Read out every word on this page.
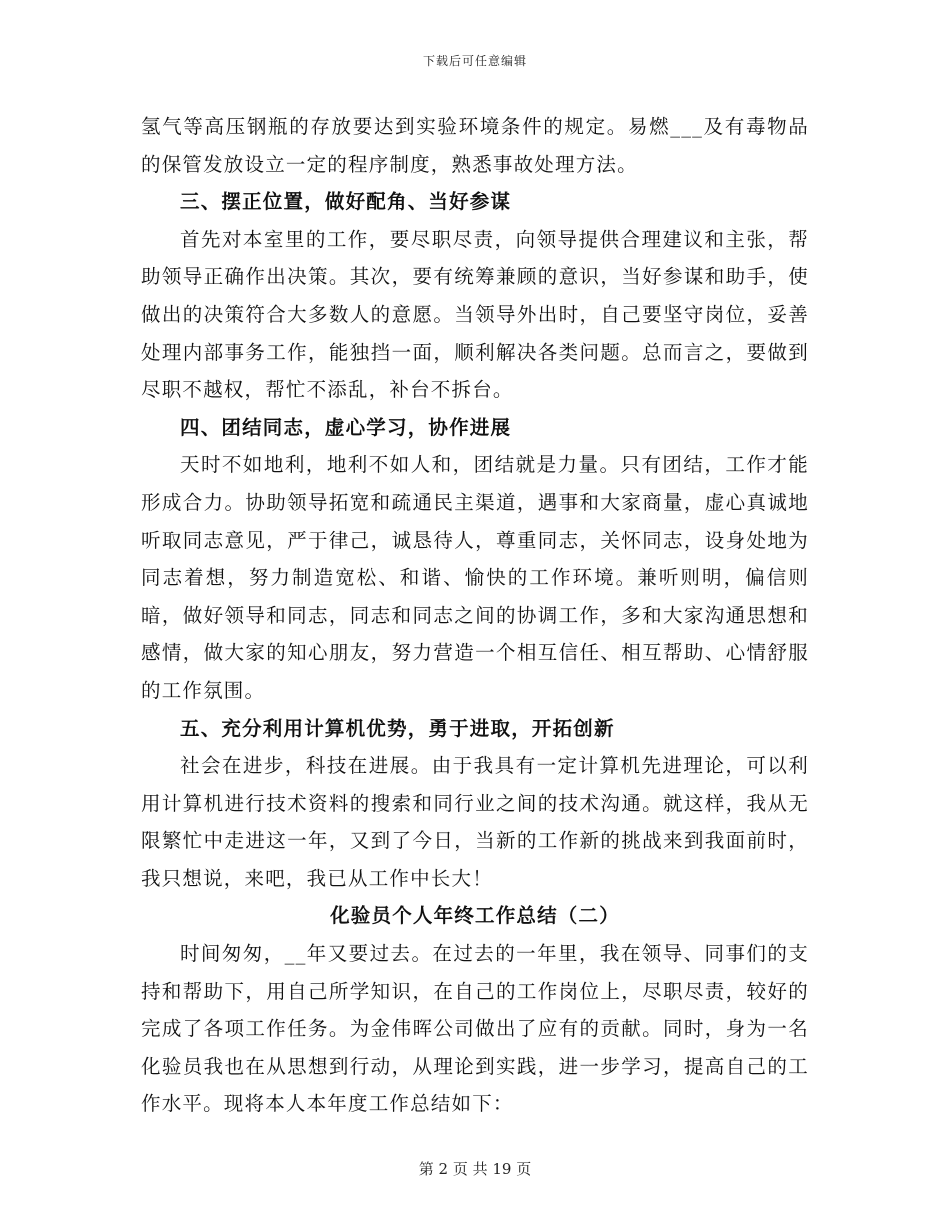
下载后可任意编辑

氢气等高压钢瓶的存放要达到实验环境条件的规定。易燃___及有毒物品的保管发放设立一定的程序制度，熟悉事故处理方法。

三、摆正位置，做好配角、当好参谋

首先对本室里的工作，要尽职尽责，向领导提供合理建议和主张，帮助领导正确作出决策。其次，要有统筹兼顾的意识，当好参谋和助手，使做出的决策符合大多数人的意愿。当领导外出时，自己要坚守岗位，妥善处理内部事务工作，能独挡一面，顺利解决各类问题。总而言之，要做到尽职不越权，帮忙不添乱，补台不拆台。

四、团结同志，虚心学习，协作进展

天时不如地利，地利不如人和，团结就是力量。只有团结，工作才能形成合力。协助领导拓宽和疏通民主渠道，遇事和大家商量，虚心真诚地听取同志意见，严于律己，诚恳待人，尊重同志，关怀同志，设身处地为同志着想，努力制造宽松、和谐、愉快的工作环境。兼听则明，偏信则暗，做好领导和同志，同志和同志之间的协调工作，多和大家沟通思想和感情，做大家的知心朋友，努力营造一个相互信任、相互帮助、心情舒服的工作氛围。

五、充分利用计算机优势，勇于进取，开拓创新

社会在进步，科技在进展。由于我具有一定计算机先进理论，可以利用计算机进行技术资料的搜索和同行业之间的技术沟通。就这样，我从无限繁忙中走进这一年，又到了今日，当新的工作新的挑战来到我面前时，我只想说，来吧，我已从工作中长大！

化验员个人年终工作总结（二）

时间匆匆，__年又要过去。在过去的一年里，我在领导、同事们的支持和帮助下，用自己所学知识，在自己的工作岗位上，尽职尽责，较好的完成了各项工作任务。为金伟晖公司做出了应有的贡献。同时，身为一名化验员我也在从思想到行动，从理论到实践，进一步学习，提高自己的工作水平。现将本人本年度工作总结如下：

第 2 页 共 19 页
